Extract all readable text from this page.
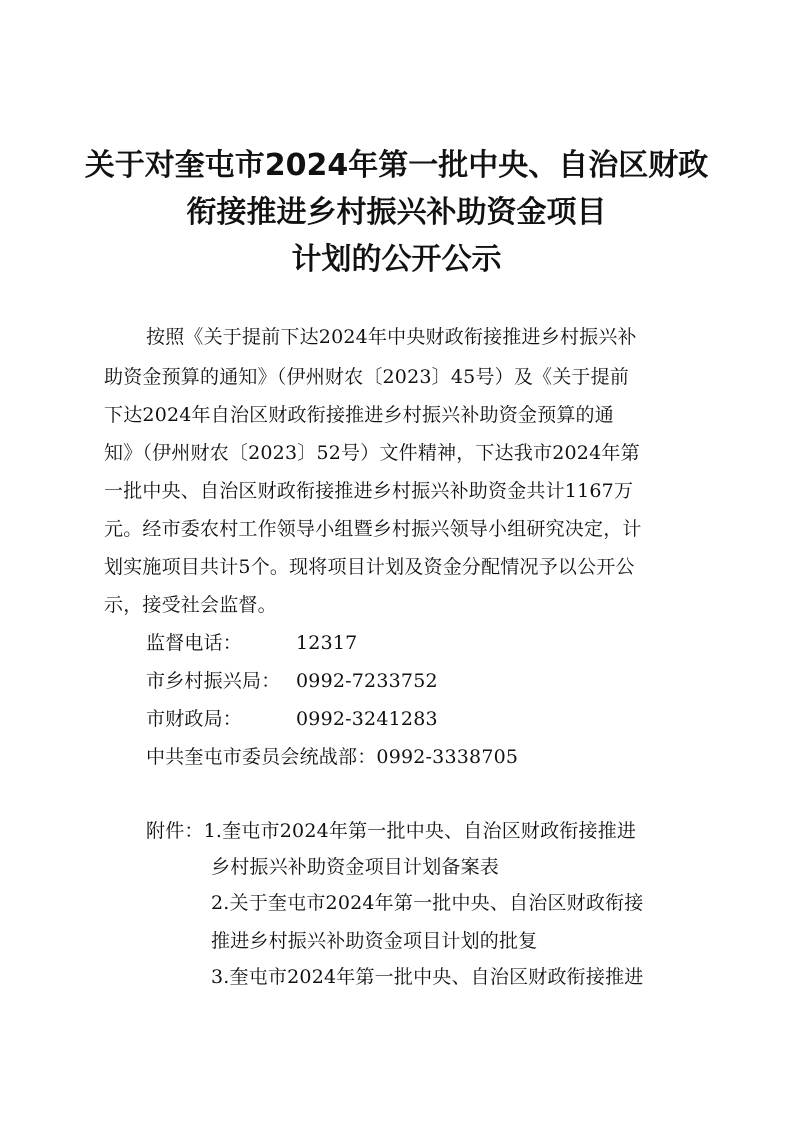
关于对奎屯市2024年第一批中央、自治区财政
衔接推进乡村振兴补助资金项目
计划的公开公示
按照《关于提前下达2024年中央财政衔接推进乡村振兴补
助资金预算的通知》（伊州财农〔2023〕45号）及《关于提前
下达2024年自治区财政衔接推进乡村振兴补助资金预算的通
知》（伊州财农〔2023〕52号）文件精神，下达我市2024年第
一批中央、自治区财政衔接推进乡村振兴补助资金共计1167万
元。经市委农村工作领导小组暨乡村振兴领导小组研究决定，计
划实施项目共计5个。现将项目计划及资金分配情况予以公开公
示，接受社会监督。
监督电话：	12317
市乡村振兴局： 0992-7233752
市财政局：	0992-3241283
中共奎屯市委员会统战部：0992-3338705
附件：1.奎屯市2024年第一批中央、自治区财政衔接推进
乡村振兴补助资金项目计划备案表
2.关于奎屯市2024年第一批中央、自治区财政衔接
推进乡村振兴补助资金项目计划的批复
3.奎屯市2024年第一批中央、自治区财政衔接推进
